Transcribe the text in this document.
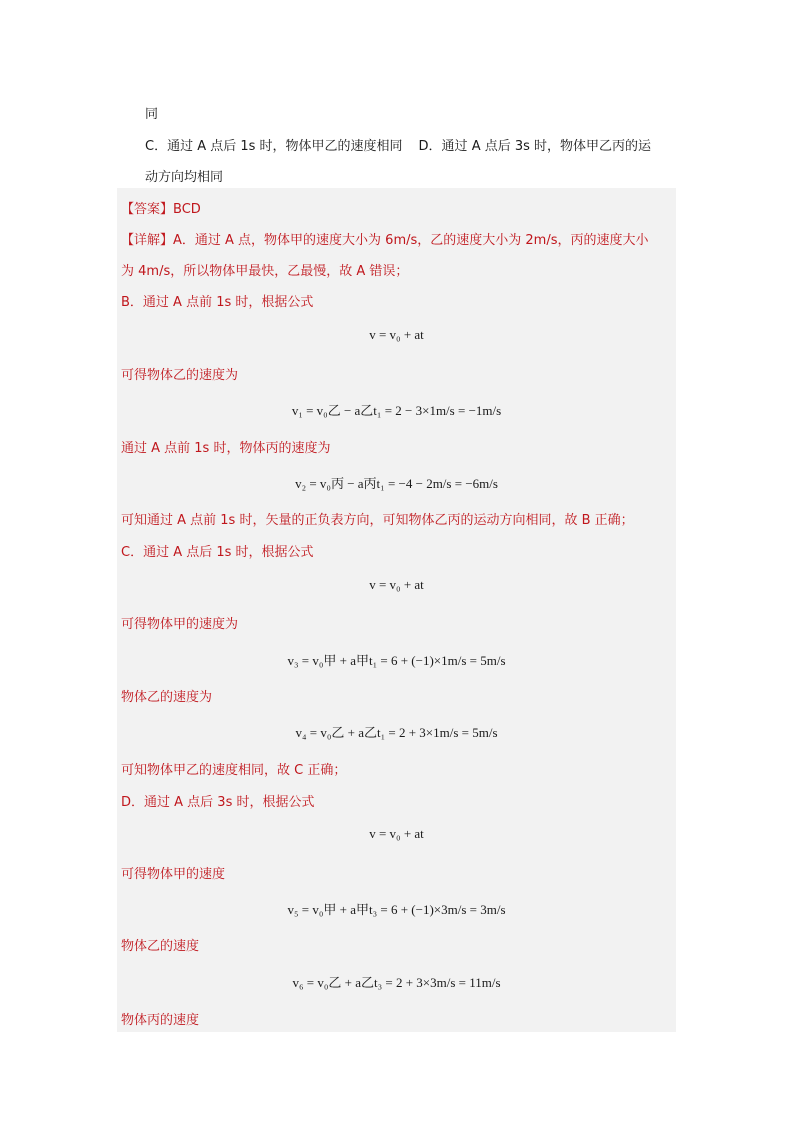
同
C．通过 A 点后 1s 时，物体甲乙的速度相同 D．通过 A 点后 3s 时，物体甲乙丙的运
动方向均相同
【答案】BCD
【详解】A．通过 A 点，物体甲的速度大小为 6m/s，乙的速度大小为 2m/s，丙的速度大小
为 4m/s，所以物体甲最快，乙最慢，故 A 错误；
B．通过 A 点前 1s 时，根据公式
v = v₀ + at
可得物体乙的速度为
v₁ = v₀乙 − a乙t₁ = 2 − 3×1m/s = −1m/s
通过 A 点前 1s 时，物体丙的速度为
v₂ = v₀丙 − a丙t₁ = −4 − 2m/s = −6m/s
可知通过 A 点前 1s 时，矢量的正负表方向，可知物体乙丙的运动方向相同，故 B 正确；
C．通过 A 点后 1s 时，根据公式
v = v₀ + at
可得物体甲的速度为
v₃ = v₀甲 + a甲t₁ = 6 + (−1)×1m/s = 5m/s
物体乙的速度为
v₄ = v₀乙 + a乙t₁ = 2 + 3×1m/s = 5m/s
可知物体甲乙的速度相同，故 C 正确；
D．通过 A 点后 3s 时，根据公式
v = v₀ + at
可得物体甲的速度
v₅ = v₀甲 + a甲t₃ = 6 + (−1)×3m/s = 3m/s
物体乙的速度
v₆ = v₀乙 + a乙t₃ = 2 + 3×3m/s = 11m/s
物体丙的速度
